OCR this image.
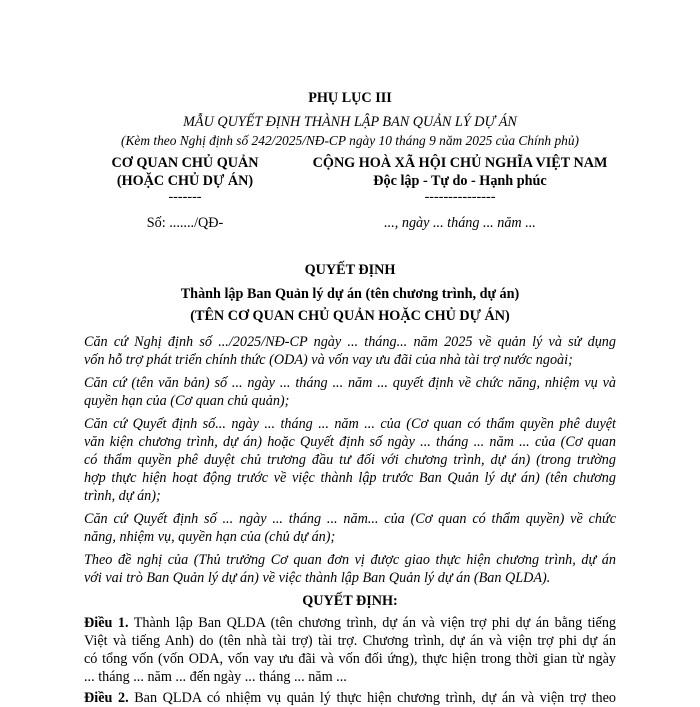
PHỤ LỤC III
MẪU QUYẾT ĐỊNH THÀNH LẬP BAN QUẢN LÝ DỰ ÁN
(Kèm theo Nghị định số 242/2025/NĐ-CP ngày 10 tháng 9 năm 2025 của Chính phủ)
CƠ QUAN CHỦ QUẢN
(HOẶC CHỦ DỰ ÁN)
-------
Số: ......./QĐ-
CỘNG HOÀ XÃ HỘI CHỦ NGHĨA VIỆT NAM
Độc lập - Tự do - Hạnh phúc
---------------
..., ngày ... tháng ... năm ...
QUYẾT ĐỊNH
Thành lập Ban Quản lý dự án (tên chương trình, dự án)
(TÊN CƠ QUAN CHỦ QUẢN HOẶC CHỦ DỰ ÁN)
Căn cứ Nghị định số .../2025/NĐ-CP ngày ... tháng... năm 2025 về quản lý và sử dụng
vốn hỗ trợ phát triển chính thức (ODA) và vốn vay ưu đãi của nhà tài trợ nước ngoài;
Căn cứ (tên văn bản) số ... ngày ... tháng ... năm ... quyết định về chức năng, nhiệm vụ và
quyền hạn của (Cơ quan chủ quản);
Căn cứ Quyết định số... ngày ... tháng ... năm ... của (Cơ quan có thẩm quyền phê duyệt
văn kiện chương trình, dự án) hoặc Quyết định số ngày ... tháng ... năm ... của (Cơ quan
có thẩm quyền phê duyệt chủ trương đầu tư đối với chương trình, dự án) (trong trường
hợp thực hiện hoạt động trước về việc thành lập trước Ban Quản lý dự án) (tên chương
trình, dự án);
Căn cứ Quyết định số ... ngày ... tháng ... năm... của (Cơ quan có thẩm quyền) về chức
năng, nhiệm vụ, quyền hạn của (chủ dự án);
Theo đề nghị của (Thủ trưởng Cơ quan đơn vị được giao thực hiện chương trình, dự án
với vai trò Ban Quản lý dự án) về việc thành lập Ban Quản lý dự án (Ban QLDA).
QUYẾT ĐỊNH:
Điều 1. Thành lập Ban QLDA (tên chương trình, dự án và viện trợ phi dự án bằng tiếng
Việt và tiếng Anh) do (tên nhà tài trợ) tài trợ. Chương trình, dự án và viện trợ phi dự án
có tổng vốn (vốn ODA, vốn vay ưu đãi và vốn đối ứng), thực hiện trong thời gian từ ngày
... tháng ... năm ... đến ngày ... tháng ... năm ...
Điều 2. Ban QLDA có nhiệm vụ quản lý thực hiện chương trình, dự án và viện trợ theo
